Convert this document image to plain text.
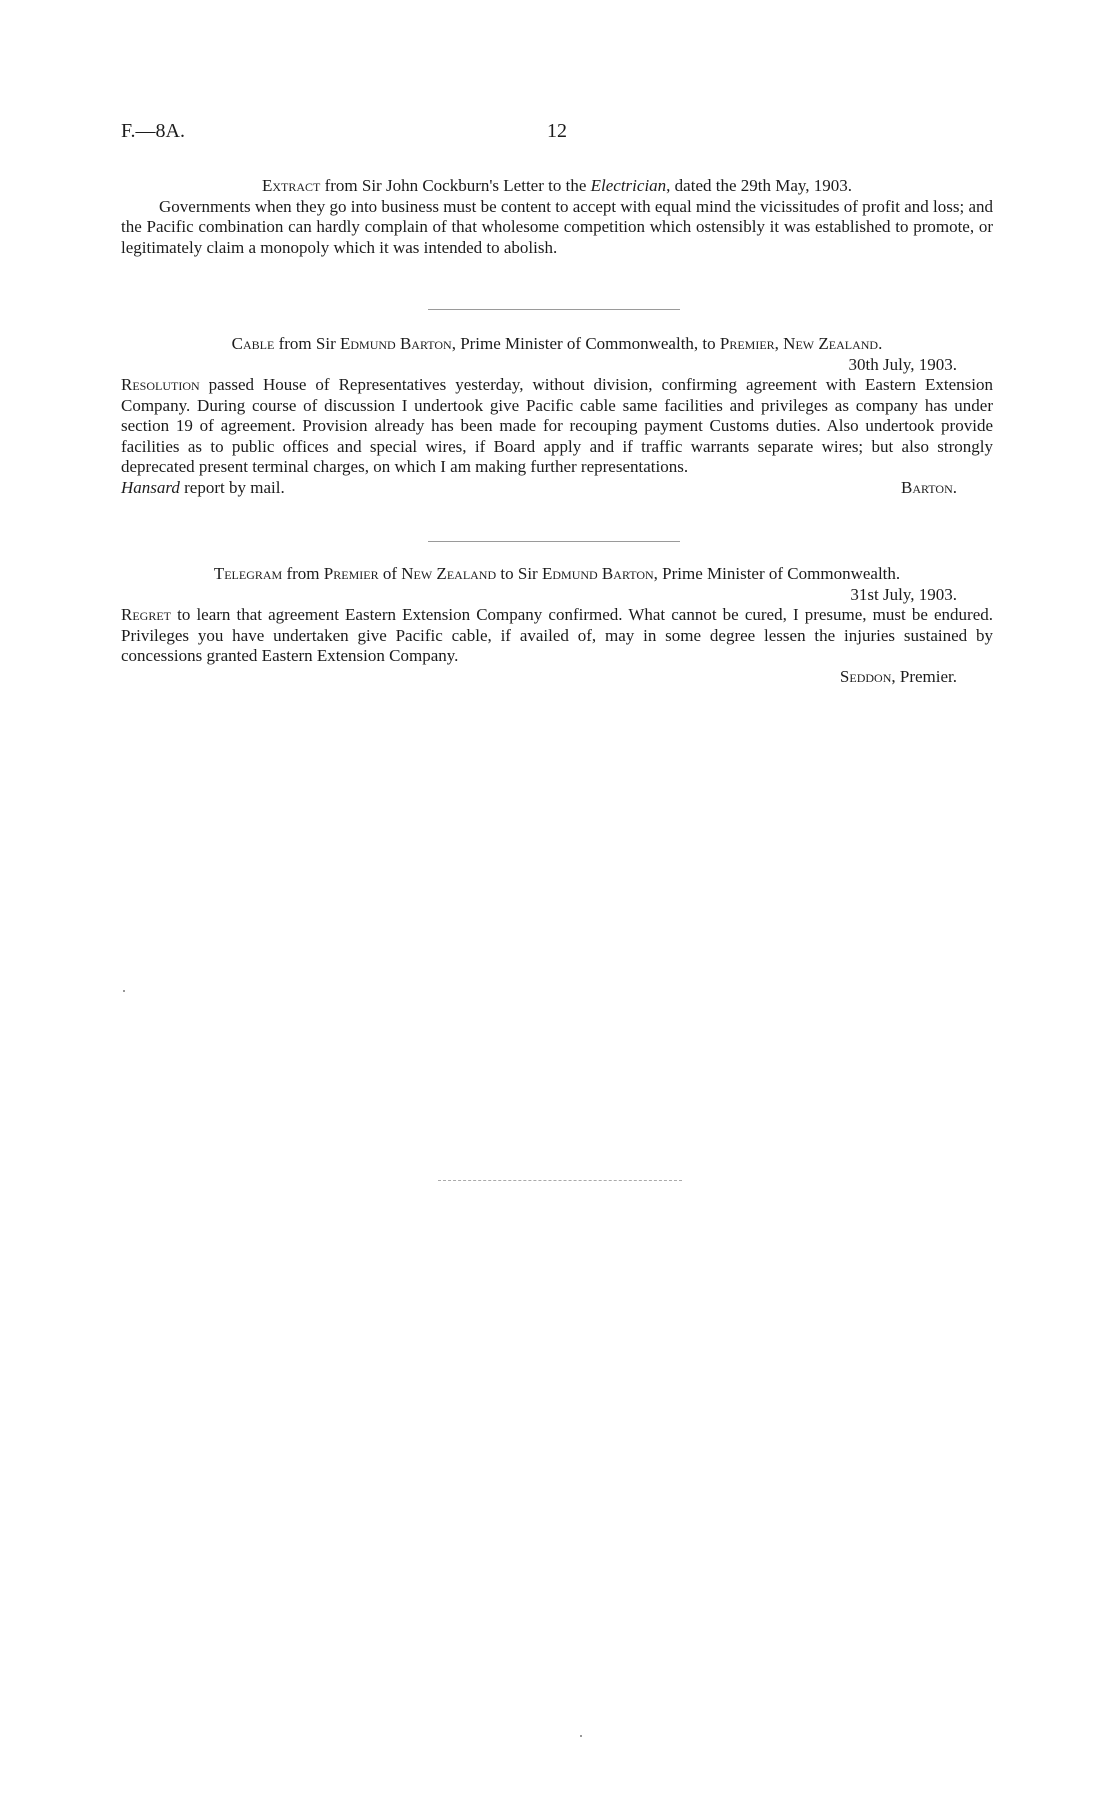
F.—8A.	12
Extract from Sir John Cockburn's Letter to the Electrician, dated the 29th May, 1903.
Governments when they go into business must be content to accept with equal mind the vicissitudes of profit and loss; and the Pacific combination can hardly complain of that wholesome competition which ostensibly it was established to promote, or legitimately claim a monopoly which it was intended to abolish.
Cable from Sir Edmund Barton, Prime Minister of Commonwealth, to Premier, New Zealand.
30th July, 1903.
Resolution passed House of Representatives yesterday, without division, confirming agreement with Eastern Extension Company. During course of discussion I undertook give Pacific cable same facilities and privileges as company has under section 19 of agreement. Provision already has been made for recouping payment Customs duties. Also undertook provide facilities as to public offices and special wires, if Board apply and if traffic warrants separate wires; but also strongly deprecated present terminal charges, on which I am making further representations.
Hansard report by mail.	Barton.
Telegram from Premier of New Zealand to Sir Edmund Barton, Prime Minister of Commonwealth.
31st July, 1903.
Regret to learn that agreement Eastern Extension Company confirmed. What cannot be cured, I presume, must be endured. Privileges you have undertaken give Pacific cable, if availed of, may in some degree lessen the injuries sustained by concessions granted Eastern Extension Company.
Seddon, Premier.
